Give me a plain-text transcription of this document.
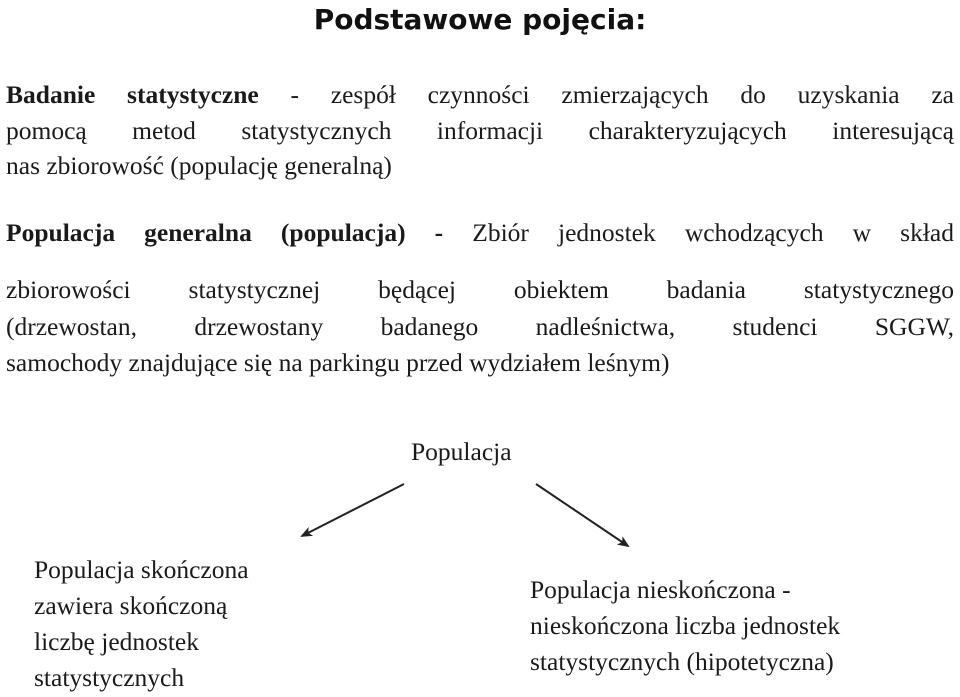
Podstawowe pojęcia:
Badanie statystyczne - zespół czynności zmierzających do uzyskania za
pomocą metod statystycznych informacji charakteryzujących interesującą
nas zbiorowość (populację generalną)
Populacja generalna (populacja) - Zbiór jednostek wchodzących w skład
zbiorowości statystycznej będącej obiektem badania statystycznego
(drzewostan, drzewostany badanego nadleśnictwa, studenci SGGW,
samochody znajdujące się na parkingu przed wydziałem leśnym)
Populacja
Populacja skończona
zawiera skończoną
liczbę jednostek
statystycznych
Populacja nieskończona -
nieskończona liczba jednostek
statystycznych (hipotetyczna)
